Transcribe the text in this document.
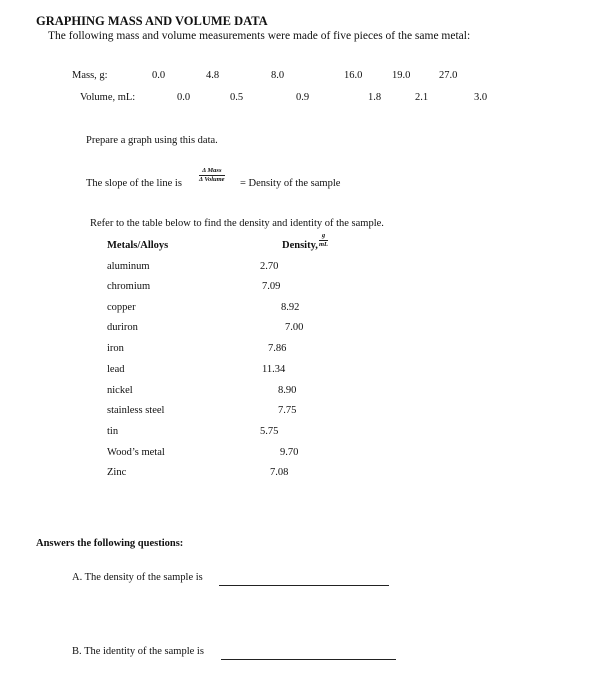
GRAPHING MASS AND VOLUME DATA
The following mass and volume measurements were made of five pieces of the same metal:
Mass, g:	0.0	4.8	8.0	16.0	19.0	27.0
Volume, mL:	0.0	0.5	0.9	1.8	2.1	3.0
Prepare a graph using this data.
The slope of the line is
Δ Mass
Δ Volume = Density of the sample
Refer to the table below to find the density and identity of the sample.
Metals/Alloys	Density, $\frac{g}{mL}$
aluminum	2.70
chromium	7.09
copper	8.92
duriron	7.00
iron	7.86
lead	11.34
nickel	8.90
stainless steel	7.75
tin	5.75
Wood’s metal	9.70
Zinc	7.08
Answers the following questions:
A. The density of the sample is
B. The identity of the sample is
